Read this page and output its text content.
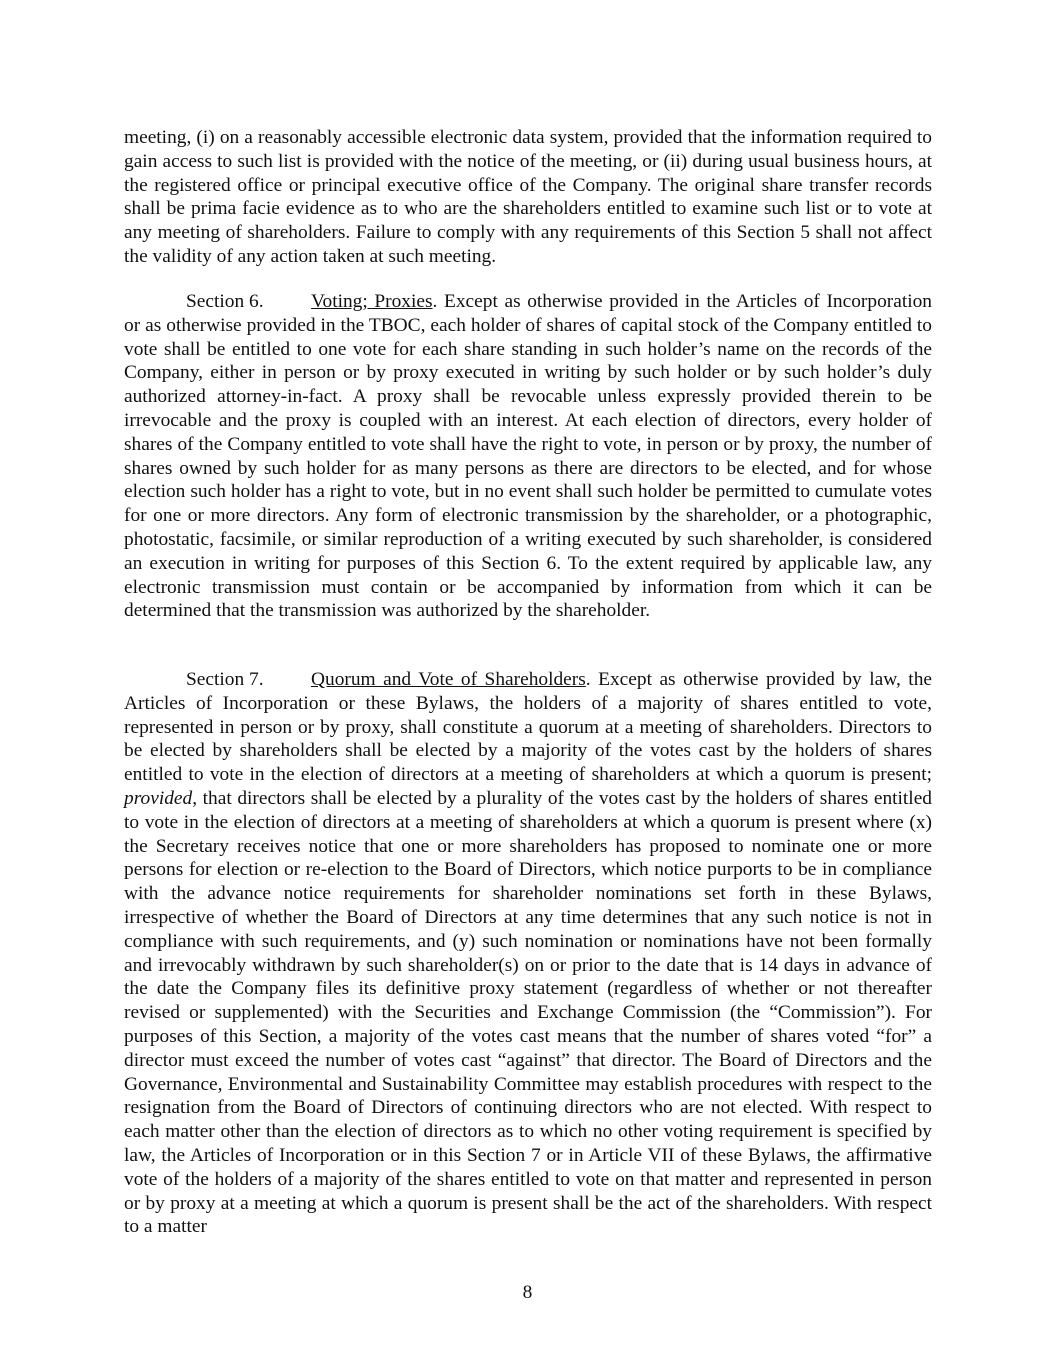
meeting, (i) on a reasonably accessible electronic data system, provided that the information required to gain access to such list is provided with the notice of the meeting, or (ii) during usual business hours, at the registered office or principal executive office of the Company. The original share transfer records shall be prima facie evidence as to who are the shareholders entitled to examine such list or to vote at any meeting of shareholders. Failure to comply with any requirements of this Section 5 shall not affect the validity of any action taken at such meeting.

Section 6. Voting; Proxies. Except as otherwise provided in the Articles of Incorporation or as otherwise provided in the TBOC, each holder of shares of capital stock of the Company entitled to vote shall be entitled to one vote for each share standing in such holder’s name on the records of the Company, either in person or by proxy executed in writing by such holder or by such holder’s duly authorized attorney-in-fact. A proxy shall be revocable unless expressly provided therein to be irrevocable and the proxy is coupled with an interest. At each election of directors, every holder of shares of the Company entitled to vote shall have the right to vote, in person or by proxy, the number of shares owned by such holder for as many persons as there are directors to be elected, and for whose election such holder has a right to vote, but in no event shall such holder be permitted to cumulate votes for one or more directors. Any form of electronic transmission by the shareholder, or a photographic, photostatic, facsimile, or similar reproduction of a writing executed by such shareholder, is considered an execution in writing for purposes of this Section 6. To the extent required by applicable law, any electronic transmission must contain or be accompanied by information from which it can be determined that the transmission was authorized by the shareholder.

Section 7. Quorum and Vote of Shareholders. Except as otherwise provided by law, the Articles of Incorporation or these Bylaws, the holders of a majority of shares entitled to vote, represented in person or by proxy, shall constitute a quorum at a meeting of shareholders. Directors to be elected by shareholders shall be elected by a majority of the votes cast by the holders of shares entitled to vote in the election of directors at a meeting of shareholders at which a quorum is present; provided, that directors shall be elected by a plurality of the votes cast by the holders of shares entitled to vote in the election of directors at a meeting of shareholders at which a quorum is present where (x) the Secretary receives notice that one or more shareholders has proposed to nominate one or more persons for election or re-election to the Board of Directors, which notice purports to be in compliance with the advance notice requirements for shareholder nominations set forth in these Bylaws, irrespective of whether the Board of Directors at any time determines that any such notice is not in compliance with such requirements, and (y) such nomination or nominations have not been formally and irrevocably withdrawn by such shareholder(s) on or prior to the date that is 14 days in advance of the date the Company files its definitive proxy statement (regardless of whether or not thereafter revised or supplemented) with the Securities and Exchange Commission (the “Commission”). For purposes of this Section, a majority of the votes cast means that the number of shares voted “for” a director must exceed the number of votes cast “against” that director. The Board of Directors and the Governance, Environmental and Sustainability Committee may establish procedures with respect to the resignation from the Board of Directors of continuing directors who are not elected. With respect to each matter other than the election of directors as to which no other voting requirement is specified by law, the Articles of Incorporation or in this Section 7 or in Article VII of these Bylaws, the affirmative vote of the holders of a majority of the shares entitled to vote on that matter and represented in person or by proxy at a meeting at which a quorum is present shall be the act of the shareholders. With respect to a matter

8
